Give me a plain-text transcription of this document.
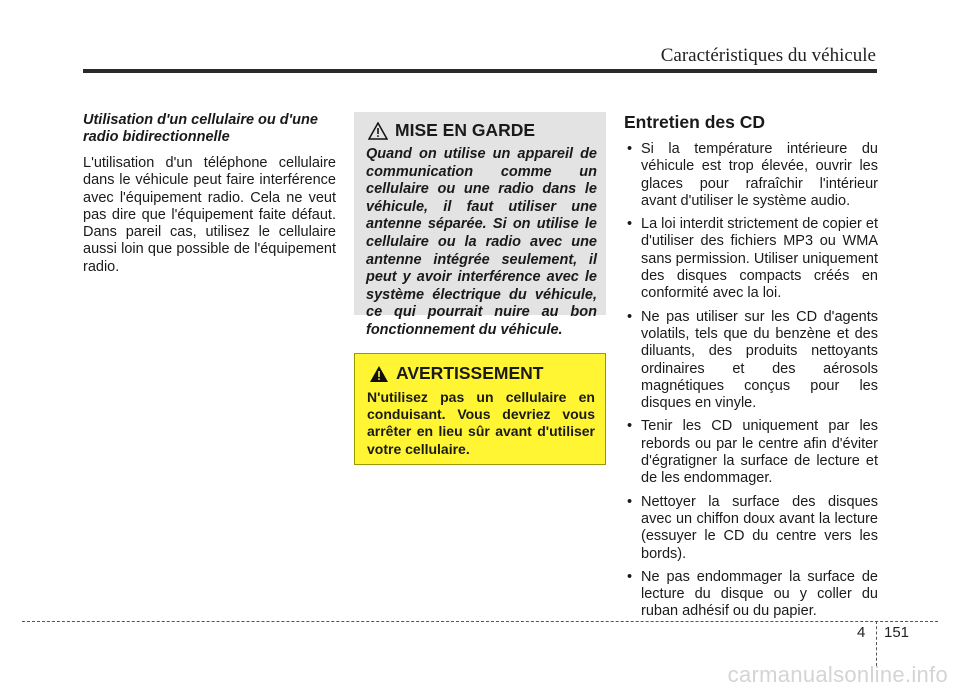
Caractéristiques du véhicule

Utilisation d'un cellulaire ou d'une radio bidirectionnelle

L'utilisation d'un téléphone cellulaire dans le véhicule peut faire interférence avec l'équipement radio. Cela ne veut pas dire que l'équipement faite défaut. Dans pareil cas, utilisez le cellulaire aussi loin que possible de l'équipement radio.

MISE EN GARDE

Quand on utilise un appareil de communication comme un cellulaire ou une radio dans le véhicule, il faut utiliser une antenne séparée. Si on utilise le cellulaire ou la radio avec une antenne intégrée seulement, il peut y avoir interférence avec le système électrique du véhicule, ce qui pourrait nuire au bon fonctionnement du véhicule.

AVERTISSEMENT

N'utilisez pas un cellulaire en conduisant. Vous devriez vous arrêter en lieu sûr avant d'utiliser votre cellulaire.

Entretien des CD

• Si la température intérieure du véhicule est trop élevée, ouvrir les glaces pour rafraîchir l'intérieur avant d'utiliser le système audio.
• La loi interdit strictement de copier et d'utiliser des fichiers MP3 ou WMA sans permission. Utiliser uniquement des disques compacts créés en conformité avec la loi.
• Ne pas utiliser sur les CD d'agents volatils, tels que du benzène et des diluants, des produits nettoyants ordinaires et des aérosols magnétiques conçus pour les disques en vinyle.
• Tenir les CD uniquement par les rebords ou par le centre afin d'éviter d'égratigner la surface de lecture et de les endommager.
• Nettoyer la surface des disques avec un chiffon doux avant la lecture (essuyer le CD du centre vers les bords).
• Ne pas endommager la surface de lecture du disque ou y coller du ruban adhésif ou du papier.
4 151
carmanualsonline.info
